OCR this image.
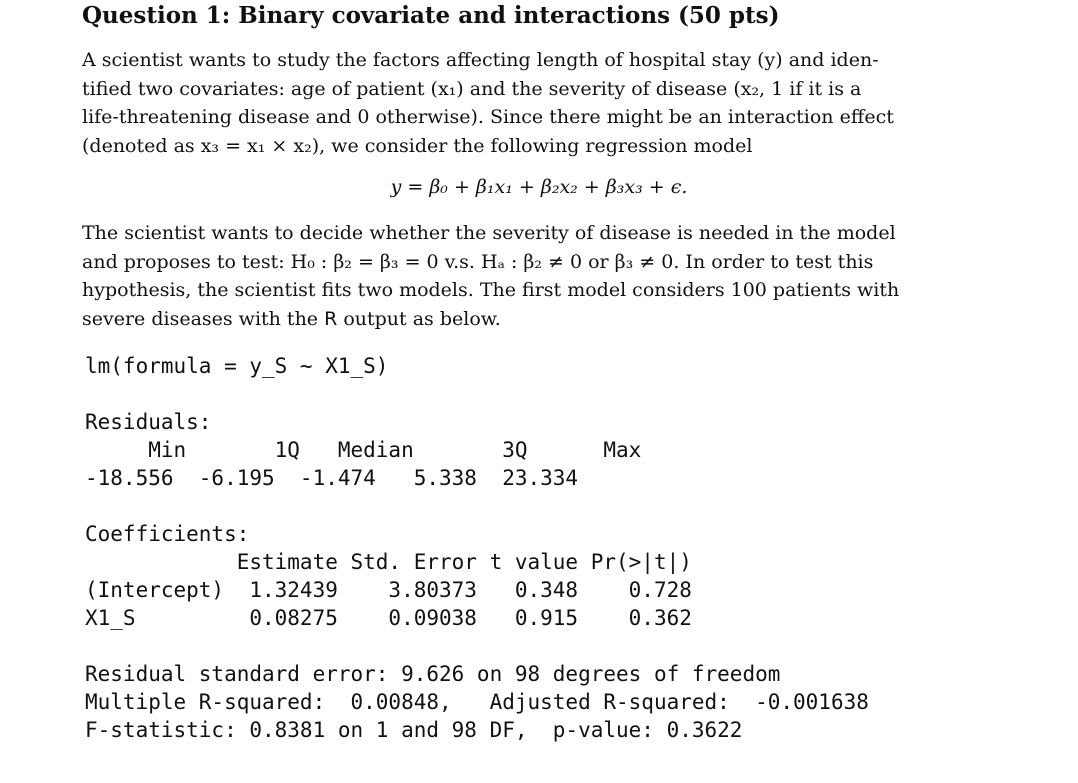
Question 1: Binary covariate and interactions (50 pts)
A scientist wants to study the factors affecting length of hospital stay (y) and iden-
tified two covariates: age of patient (x₁) and the severity of disease (x₂, 1 if it is a
life-threatening disease and 0 otherwise). Since there might be an interaction effect
(denoted as x₃ = x₁ × x₂), we consider the following regression model
y = β₀ + β₁x₁ + β₂x₂ + β₃x₃ + ϵ.
The scientist wants to decide whether the severity of disease is needed in the model
and proposes to test: H₀ : β₂ = β₃ = 0 v.s. Hₐ : β₂ ≠ 0 or β₃ ≠ 0. In order to test this
hypothesis, the scientist fits two models. The first model considers 100 patients with
severe diseases with the R output as below.
lm(formula = y_S ~ X1_S)
Residuals:
Min       1Q   Median       3Q      Max
-18.556  -6.195  -1.474   5.338  23.334
Coefficients:
Estimate Std. Error t value Pr(>|t|)
(Intercept)  1.32439    3.80373   0.348    0.728
X1_S         0.08275    0.09038   0.915    0.362
Residual standard error: 9.626 on 98 degrees of freedom
Multiple R-squared:  0.00848,   Adjusted R-squared:  -0.001638
F-statistic: 0.8381 on 1 and 98 DF,  p-value: 0.3622
